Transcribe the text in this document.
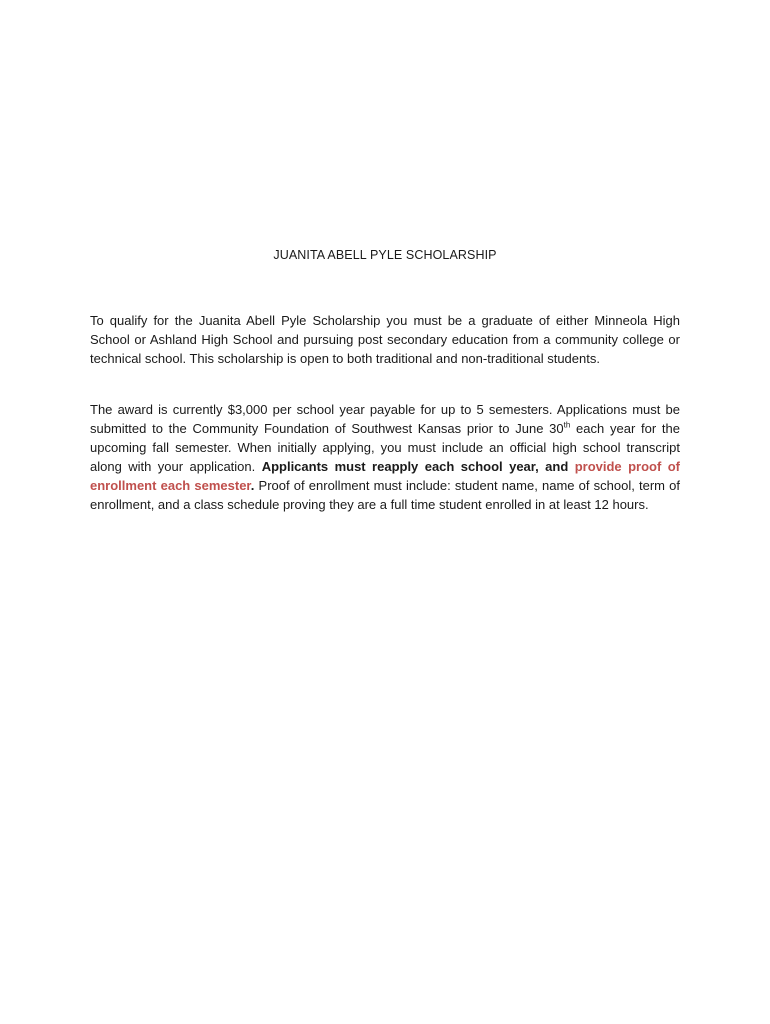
JUANITA ABELL PYLE SCHOLARSHIP

To qualify for the Juanita Abell Pyle Scholarship you must be a graduate of either Minneola High School or Ashland High School and pursuing post secondary education from a community college or technical school. This scholarship is open to both traditional and non-traditional students.

The award is currently $3,000 per school year payable for up to 5 semesters. Applications must be submitted to the Community Foundation of Southwest Kansas prior to June 30th each year for the upcoming fall semester. When initially applying, you must include an official high school transcript along with your application. Applicants must reapply each school year, and provide proof of enrollment each semester. Proof of enrollment must include: student name, name of school, term of enrollment, and a class schedule proving they are a full time student enrolled in at least 12 hours.
